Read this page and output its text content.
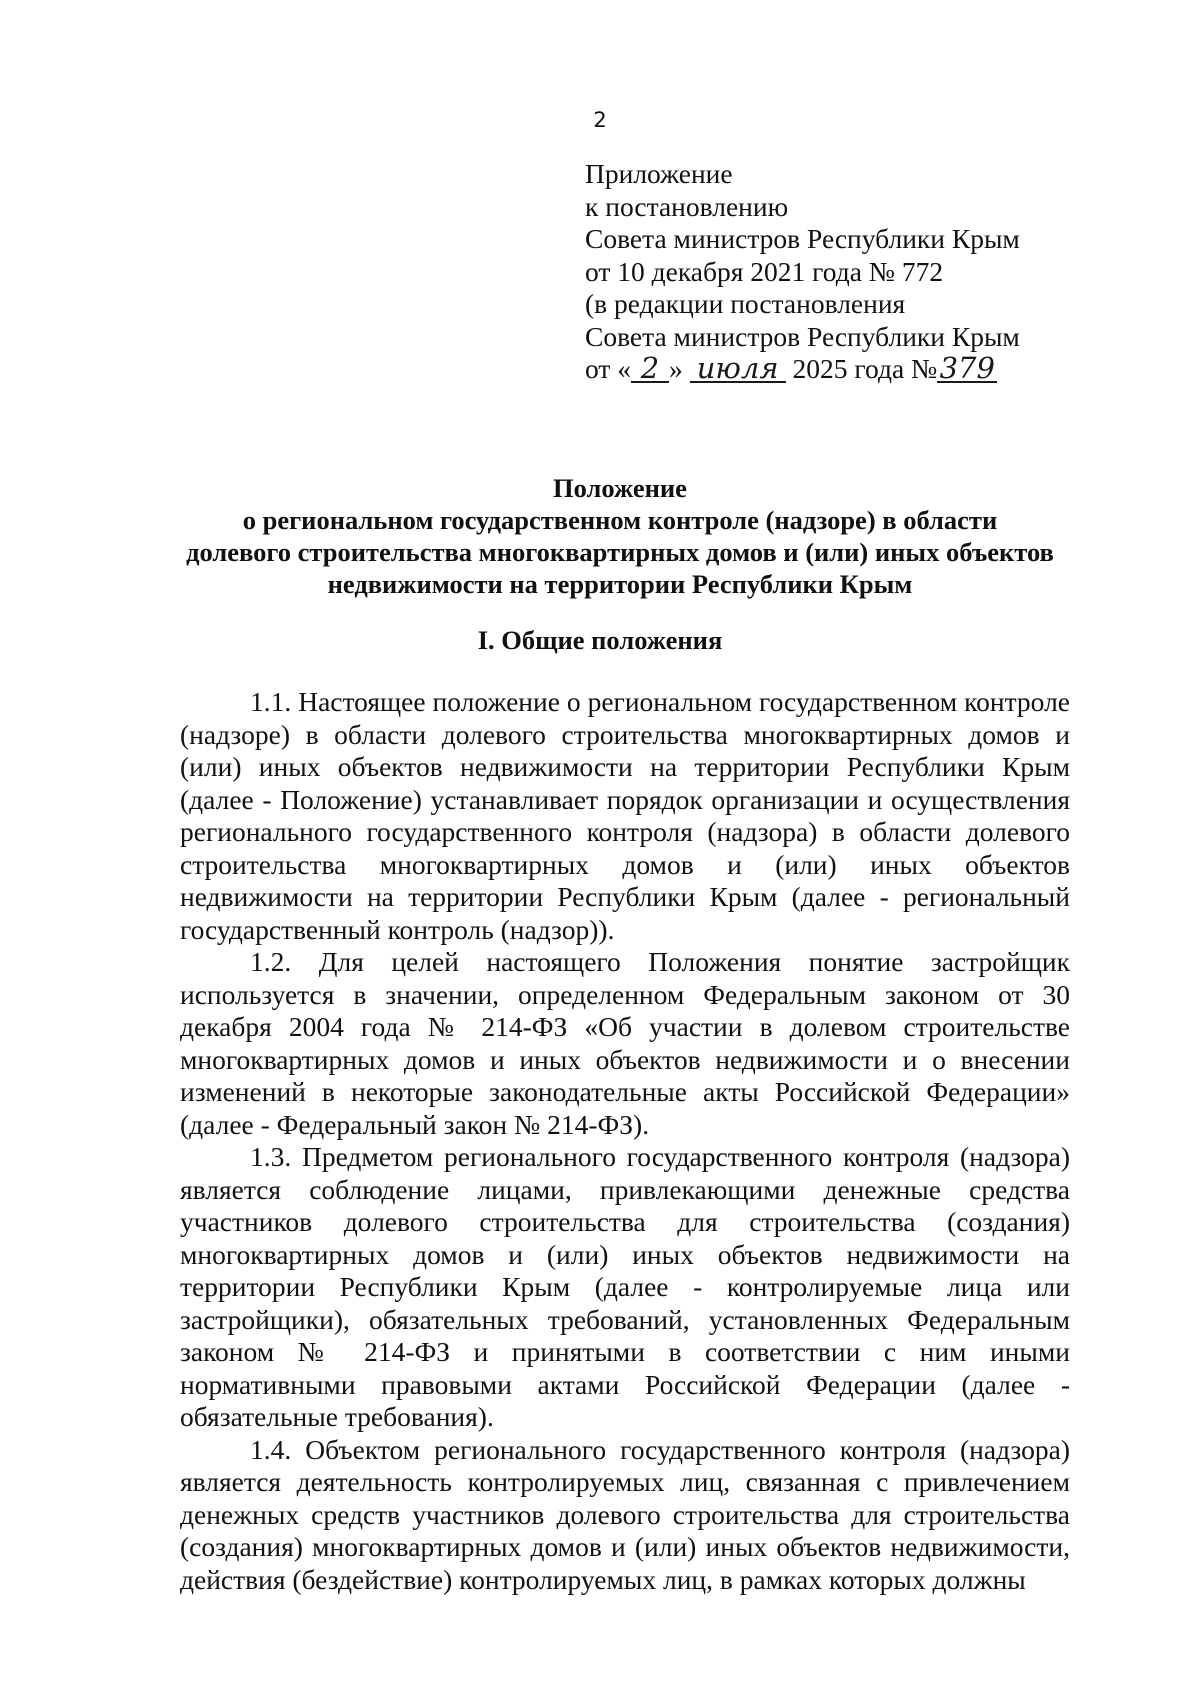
2
Приложение
к постановлению
Совета министров Республики Крым
от 10 декабря 2021 года № 772
(в редакции постановления
Совета министров Республики Крым
от « 2 » июля 2025 года №379
Положение
о региональном государственном контроле (надзоре) в области
долевого строительства многоквартирных домов и (или) иных объектов
недвижимости на территории Республики Крым
I. Общие положения

1.1. Настоящее положение о региональном государственном контроле (надзоре) в области долевого строительства многоквартирных домов и (или) иных объектов недвижимости на территории Республики Крым (далее - Положение) устанавливает порядок организации и осуществления регионального государственного контроля (надзора) в области долевого строительства многоквартирных домов и (или) иных объектов недвижимости на территории Республики Крым (далее - региональный государственный контроль (надзор)).

1.2. Для целей настоящего Положения понятие застройщик используется в значении, определенном Федеральным законом от 30 декабря 2004 года № 214-ФЗ «Об участии в долевом строительстве многоквартирных домов и иных объектов недвижимости и о внесении изменений в некоторые законодательные акты Российской Федерации» (далее - Федеральный закон № 214-ФЗ).

1.3. Предметом регионального государственного контроля (надзора) является соблюдение лицами, привлекающими денежные средства участников долевого строительства для строительства (создания) многоквартирных домов и (или) иных объектов недвижимости на территории Республики Крым (далее - контролируемые лица или застройщики), обязательных требований, установленных Федеральным законом № 214-ФЗ и принятыми в соответствии с ним иными нормативными правовыми актами Российской Федерации (далее - обязательные требования).

1.4. Объектом регионального государственного контроля (надзора) является деятельность контролируемых лиц, связанная с привлечением денежных средств участников долевого строительства для строительства (создания) многоквартирных домов и (или) иных объектов недвижимости, действия (бездействие) контролируемых лиц, в рамках которых должны
